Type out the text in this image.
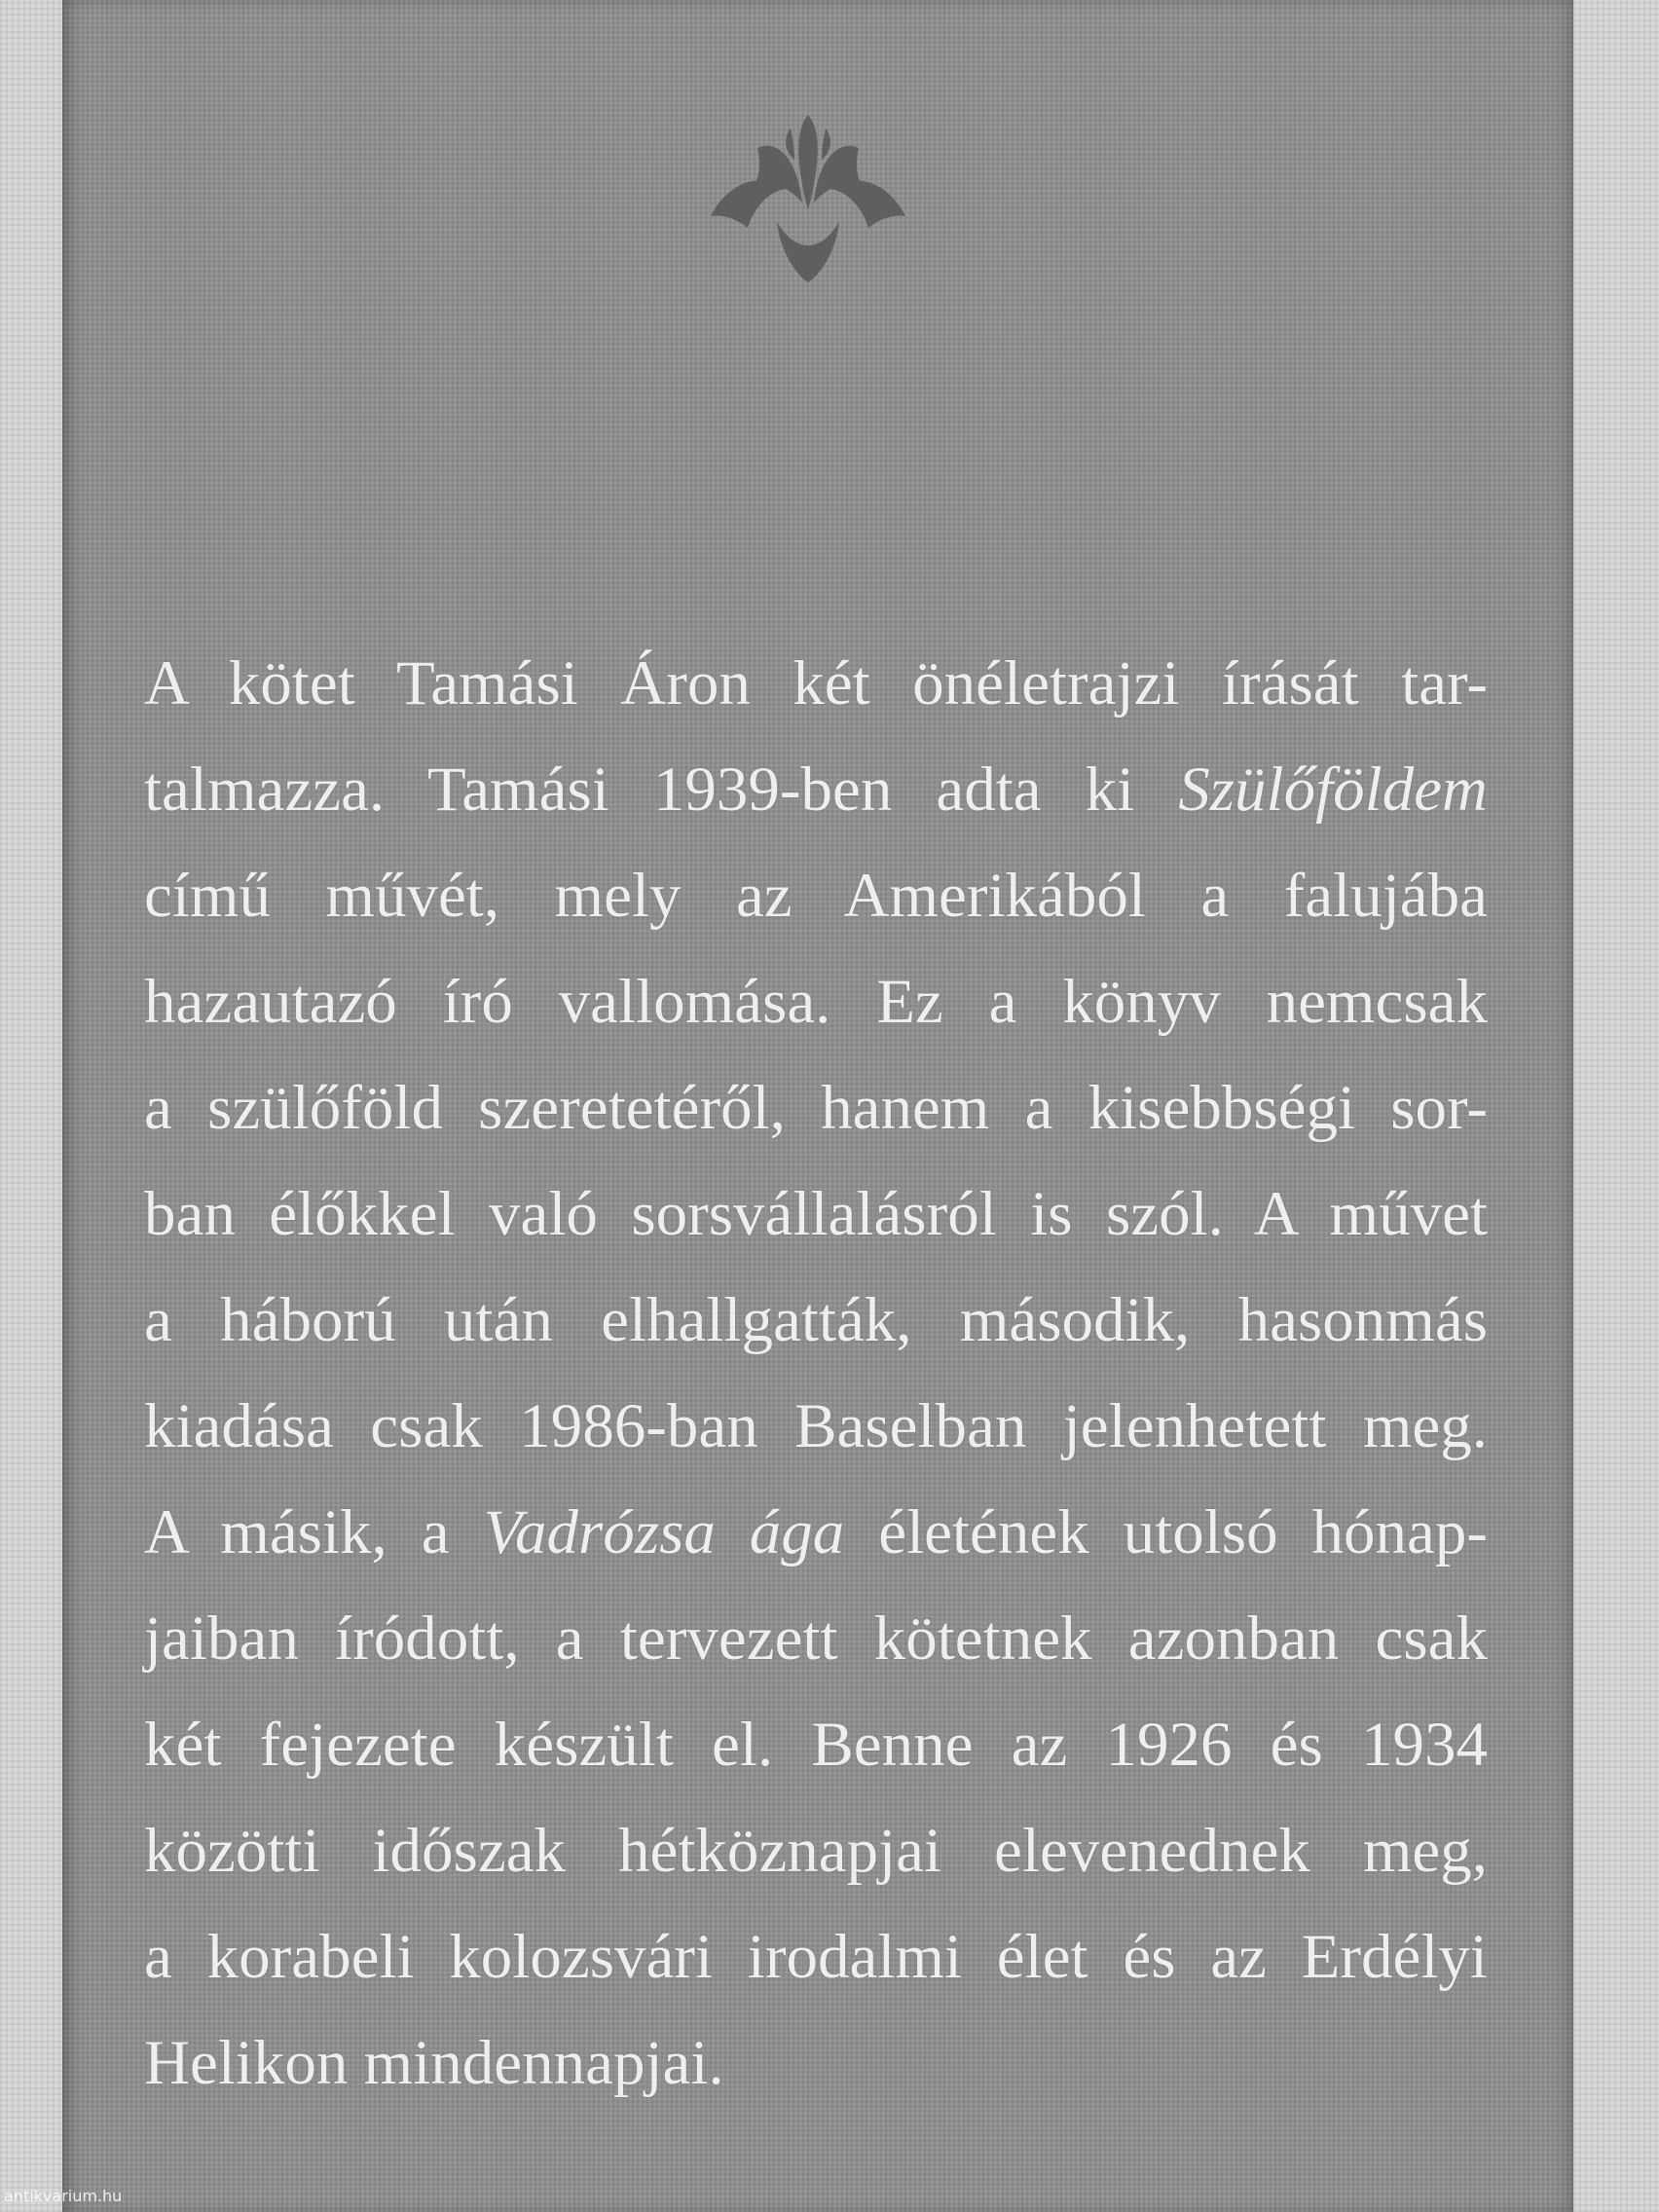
A kötet Tamási Áron két önéletrajzi írását tar-
talmazza. Tamási 1939-ben adta ki Szülőföldem
című művét, mely az Amerikából a falujába
hazautazó író vallomása. Ez a könyv nemcsak
a szülőföld szeretetéről, hanem a kisebbségi sor-
ban élőkkel való sorsvállalásról is szól. A művet
a háború után elhallgatták, második, hasonmás
kiadása csak 1986-ban Baselban jelenhetett meg.
A másik, a Vadrózsa ága életének utolsó hónap-
jaiban íródott, a tervezett kötetnek azonban csak
két fejezete készült el. Benne az 1926 és 1934
közötti időszak hétköznapjai elevenednek meg,
a korabeli kolozsvári irodalmi élet és az Erdélyi
Helikon mindennapjai.
antikvarium.hu
